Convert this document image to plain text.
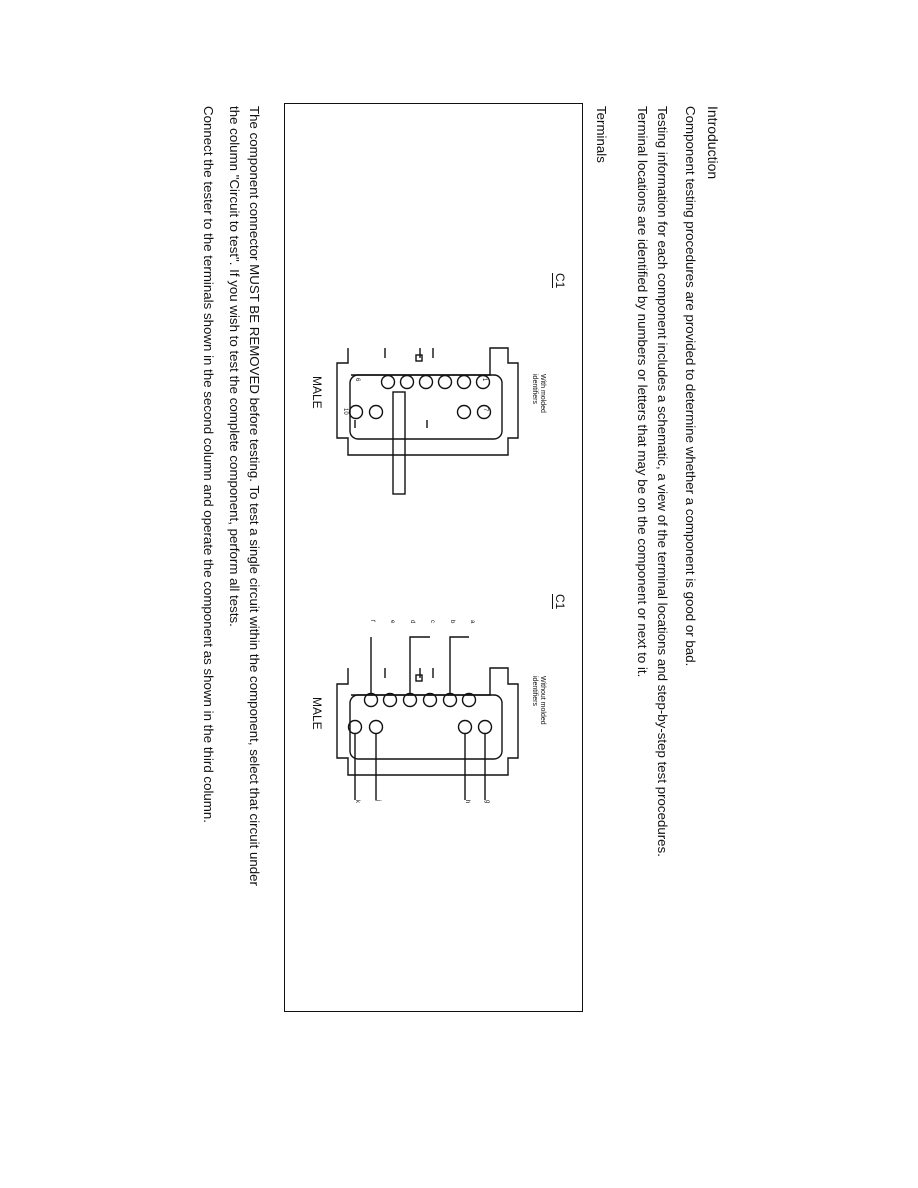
Introduction
Component testing procedures are provided to determine whether a component is good or bad.
Testing information for each component includes a schematic, a view of the terminal locations and step-by-step test procedures.
Terminal locations are identified by numbers or letters that may be on the component or next to it.
Terminals
C1
With molded
identifiers
MALE	1
6
7
10
C1
Without molded
identifiers
MALE
a
b
c
d
e
f
g
h
j
k
The component connector MUST BE REMOVED before testing. To test a single circuit within the component, select that circuit under
the column "Circuit to test". If you wish to test the complete component, perform all tests.
Connect the tester to the terminals shown in the second column and operate the component as shown in the third column.
